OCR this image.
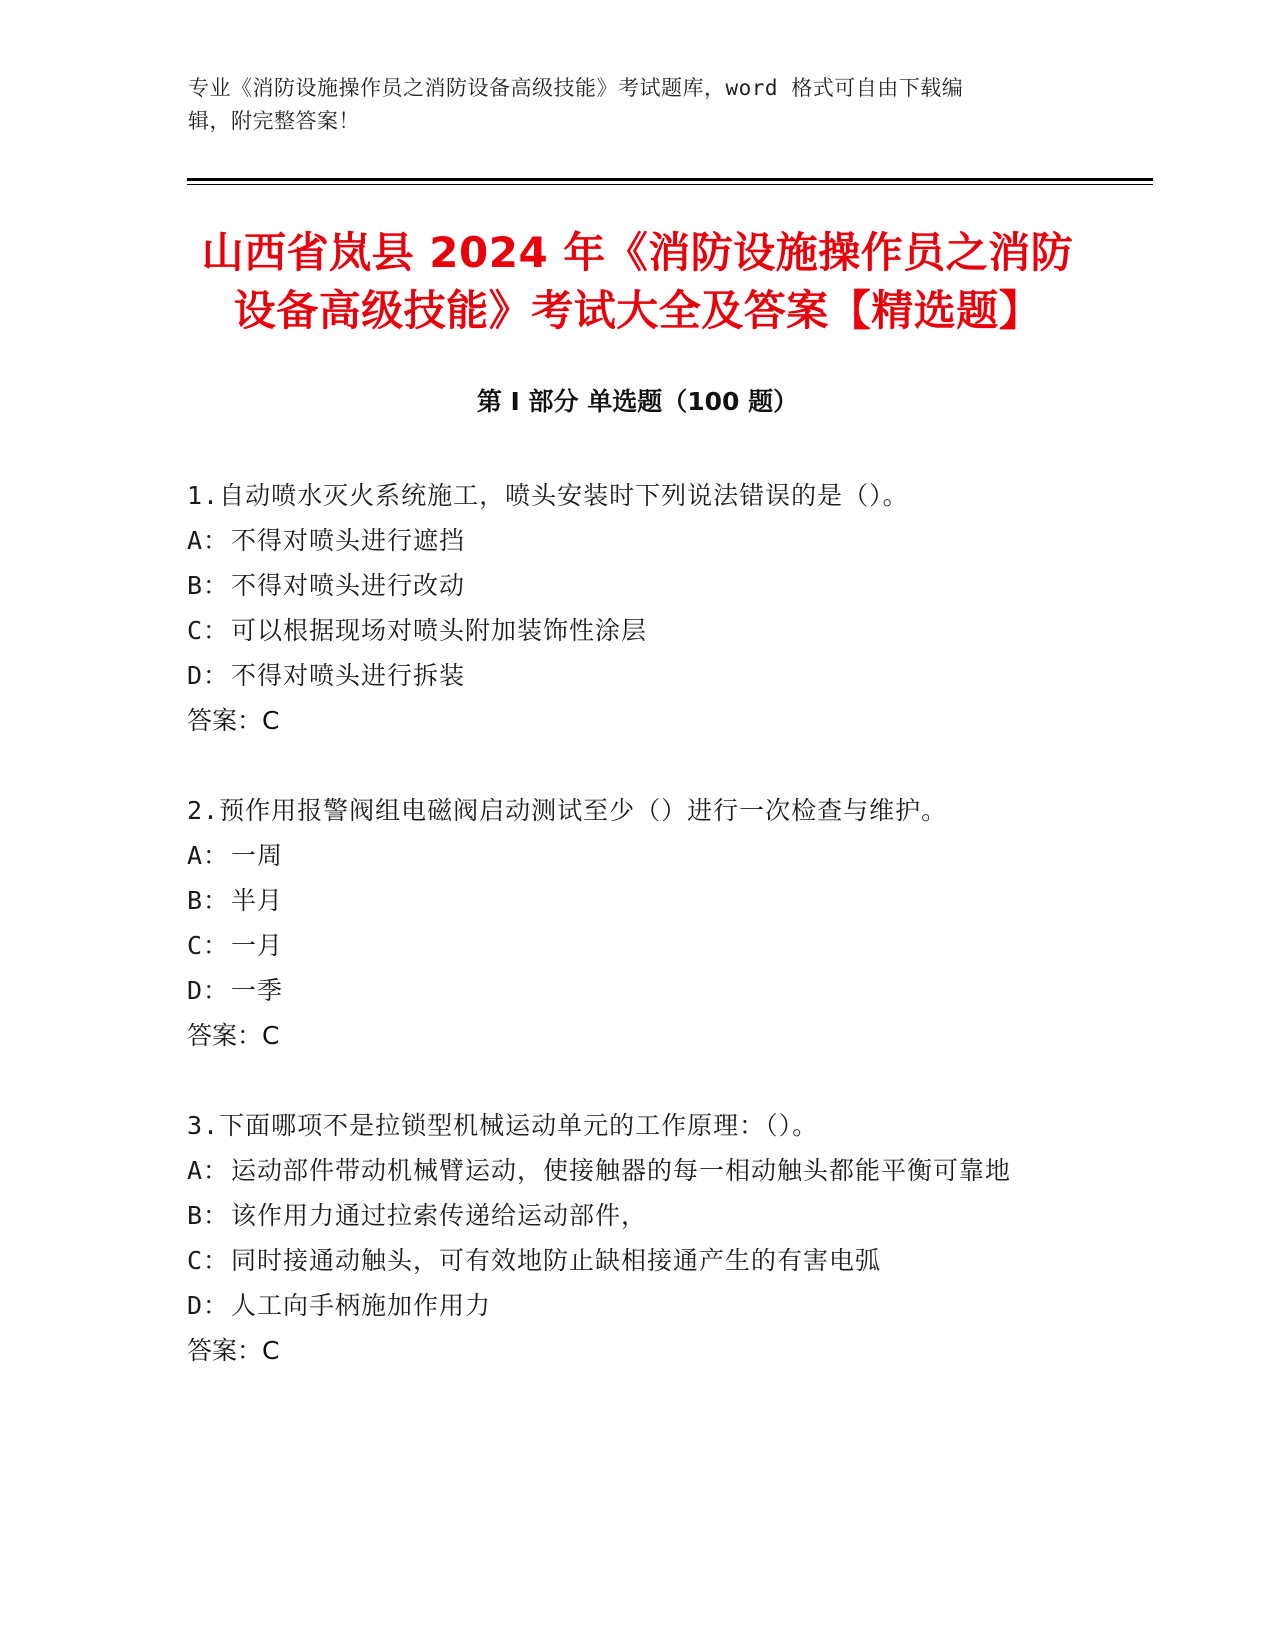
专业《消防设施操作员之消防设备高级技能》考试题库，word 格式可自由下载编
辑，附完整答案！
山西省岚县 2024 年《消防设施操作员之消防
设备高级技能》考试大全及答案【精选题】
第 I 部分 单选题（100 题）
1.自动喷水灭火系统施工，喷头安装时下列说法错误的是（）。
A：不得对喷头进行遮挡
B：不得对喷头进行改动
C：可以根据现场对喷头附加装饰性涂层
D：不得对喷头进行拆装
答案：C
2.预作用报警阀组电磁阀启动测试至少（）进行一次检查与维护。
A：一周
B：半月
C：一月
D：一季
答案：C
3.下面哪项不是拉锁型机械运动单元的工作原理：（）。
A：运动部件带动机械臂运动，使接触器的每一相动触头都能平衡可靠地
B：该作用力通过拉索传递给运动部件，
C：同时接通动触头，可有效地防止缺相接通产生的有害电弧
D：人工向手柄施加作用力
答案：C
